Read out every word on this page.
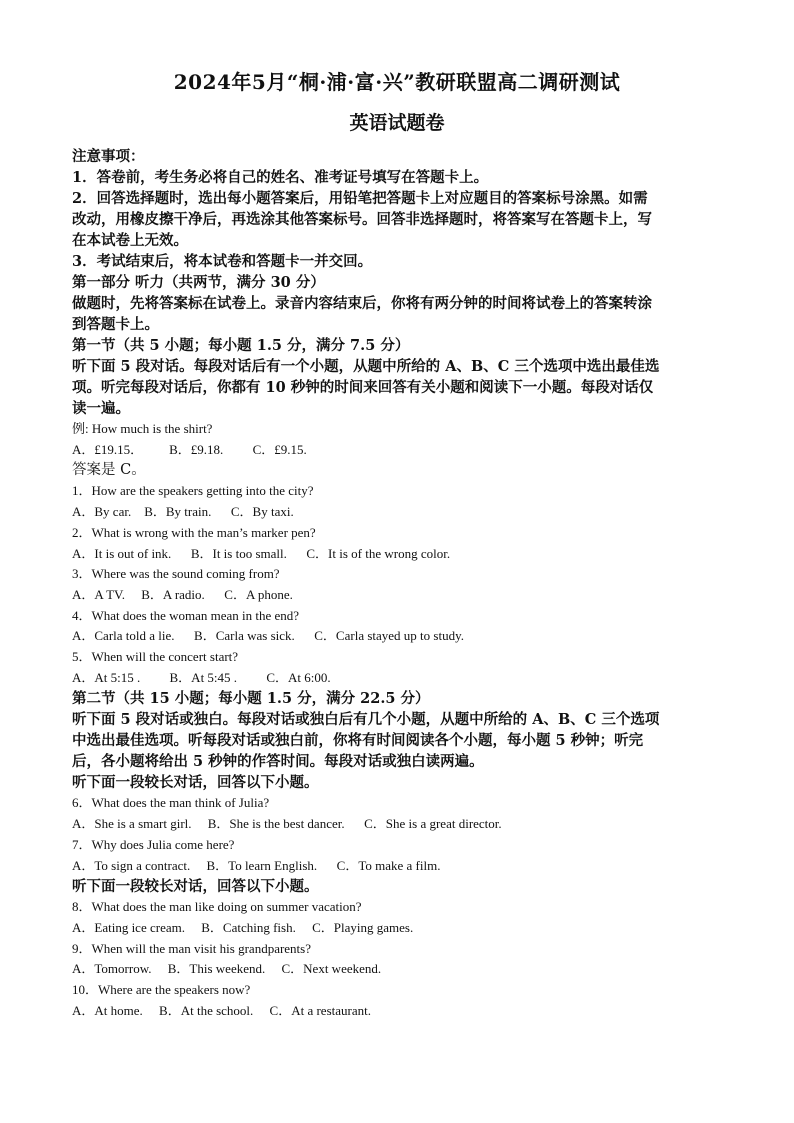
2024年5月“桐·浦·富·兴”教研联盟高二调研测试

英语试题卷

注意事项：

1．答卷前，考生务必将自己的姓名、准考证号填写在答题卡上。

2．回答选择题时，选出每小题答案后，用铅笔把答题卡上对应题目的答案标号涂黑。如需

改动，用橡皮擦干净后，再选涂其他答案标号。回答非选择题时，将答案写在答题卡上，写

在本试卷上无效。

3．考试结束后，将本试卷和答题卡一并交回。

第一部分 听力（共两节，满分 30 分）

做题时，先将答案标在试卷上。录音内容结束后，你将有两分钟的时间将试卷上的答案转涂

到答题卡上。

第一节（共 5 小题；每小题 1.5 分，满分 7.5 分）

听下面 5 段对话。每段对话后有一个小题，从题中所给的 A、B、C 三个选项中选出最佳选

项。听完每段对话后，你都有 10 秒钟的时间来回答有关小题和阅读下一小题。每段对话仅

读一遍。

例: How much is the shirt?

A．£19.15． B．£9.18. C．£9.15.

答案是 C。

1．How are the speakers getting into the city?

A．By car. B．By train. C．By taxi.

2．What is wrong with the man’s marker pen?

A．It is out of ink. B．It is too small. C．It is of the wrong color.

3．Where was the sound coming from?

A．A TV. B．A radio. C．A phone.

4．What does the woman mean in the end?

A．Carla told a lie. B．Carla was sick. C．Carla stayed up to study.

5．When will the concert start?

A．At 5:15 . B．At 5:45 . C．At 6:00.

第二节（共 15 小题；每小题 1.5 分，满分 22.5 分）

听下面 5 段对话或独白。每段对话或独白后有几个小题，从题中所给的 A、B、C 三个选项

中选出最佳选项。听每段对话或独白前，你将有时间阅读各个小题，每小题 5 秒钟；听完

后，各小题将给出 5 秒钟的作答时间。每段对话或独白读两遍。

听下面一段较长对话，回答以下小题。

6．What does the man think of Julia?

A．She is a smart girl. B．She is the best dancer. C．She is a great director.

7．Why does Julia come here?

A．To sign a contract. B．To learn English. C．To make a film.

听下面一段较长对话，回答以下小题。

8．What does the man like doing on summer vacation?

A．Eating ice cream. B．Catching fish. C．Playing games.

9．When will the man visit his grandparents?

A．Tomorrow. B．This weekend. C．Next weekend.

10．Where are the speakers now?

A．At home. B．At the school. C．At a restaurant.
